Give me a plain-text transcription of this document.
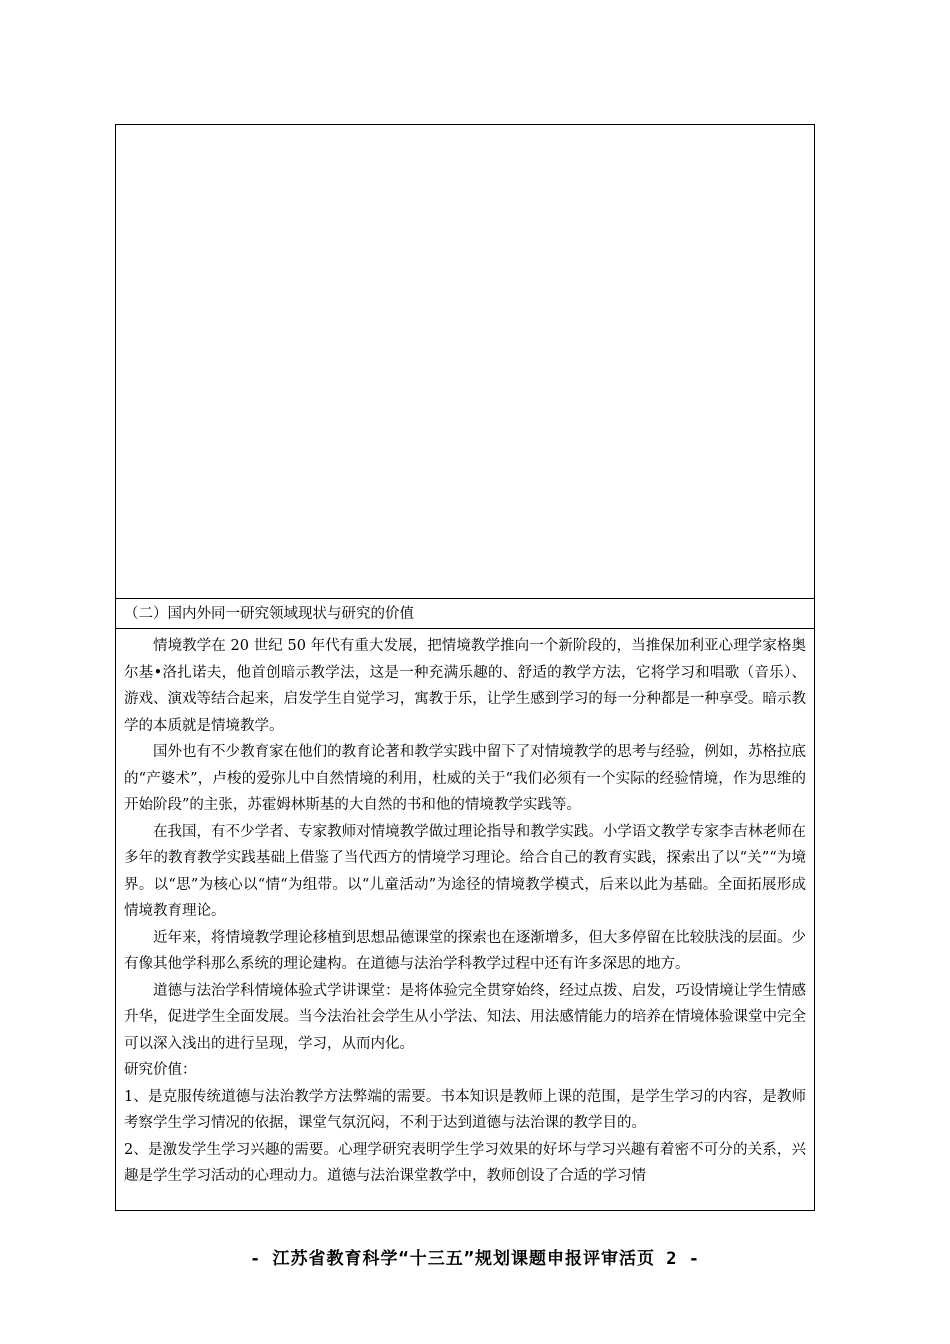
（二）国内外同一研究领域现状与研究的价值

情境教学在 20 世纪 50 年代有重大发展，把情境教学推向一个新阶段的，当推保加利亚心理学家格奥尔基•洛扎诺夫，他首创暗示教学法，这是一种充满乐趣的、舒适的教学方法，它将学习和唱歌（音乐）、游戏、演戏等结合起来，启发学生自觉学习，寓教于乐，让学生感到学习的每一分种都是一种享受。暗示教学的本质就是情境教学。

国外也有不少教育家在他们的教育论著和教学实践中留下了对情境教学的思考与经验，例如，苏格拉底的“产婆术”，卢梭的爱弥儿中自然情境的利用，杜威的关于“我们必须有一个实际的经验情境，作为思维的开始阶段”的主张，苏霍姆林斯基的大自然的书和他的情境教学实践等。

在我国，有不少学者、专家教师对情境教学做过理论指导和教学实践。小学语文教学专家李吉林老师在多年的教育教学实践基础上借鉴了当代西方的情境学习理论。给合自己的教育实践，探索出了以“关”“为境界。以“思”为核心以“情“为组带。以“儿童活动”为途径的情境教学模式，后来以此为基础。全面拓展形成情境教育理论。

近年来，将情境教学理论移植到思想品德课堂的探索也在逐渐增多，但大多停留在比较肤浅的层面。少有像其他学科那么系统的理论建构。在道德与法治学科教学过程中还有许多深思的地方。

道德与法治学科情境体验式学讲课堂：是将体验完全贯穿始终，经过点拨、启发，巧设情境让学生情感升华，促进学生全面发展。当今法治社会学生从小学法、知法、用法感情能力的培养在情境体验课堂中完全可以深入浅出的进行呈现，学习，从而内化。

研究价值：

1、是克服传统道德与法治教学方法弊端的需要。书本知识是教师上课的范围，是学生学习的内容，是教师考察学生学习情况的依据，课堂气氛沉闷，不利于达到道德与法治课的教学目的。

2、是激发学生学习兴趣的需要。心理学研究表明学生学习效果的好坏与学习兴趣有着密不可分的关系，兴趣是学生学习活动的心理动力。道德与法治课堂教学中，教师创设了合适的学习情

- 江苏省教育科学“十三五”规划课题申报评审活页 2 -
